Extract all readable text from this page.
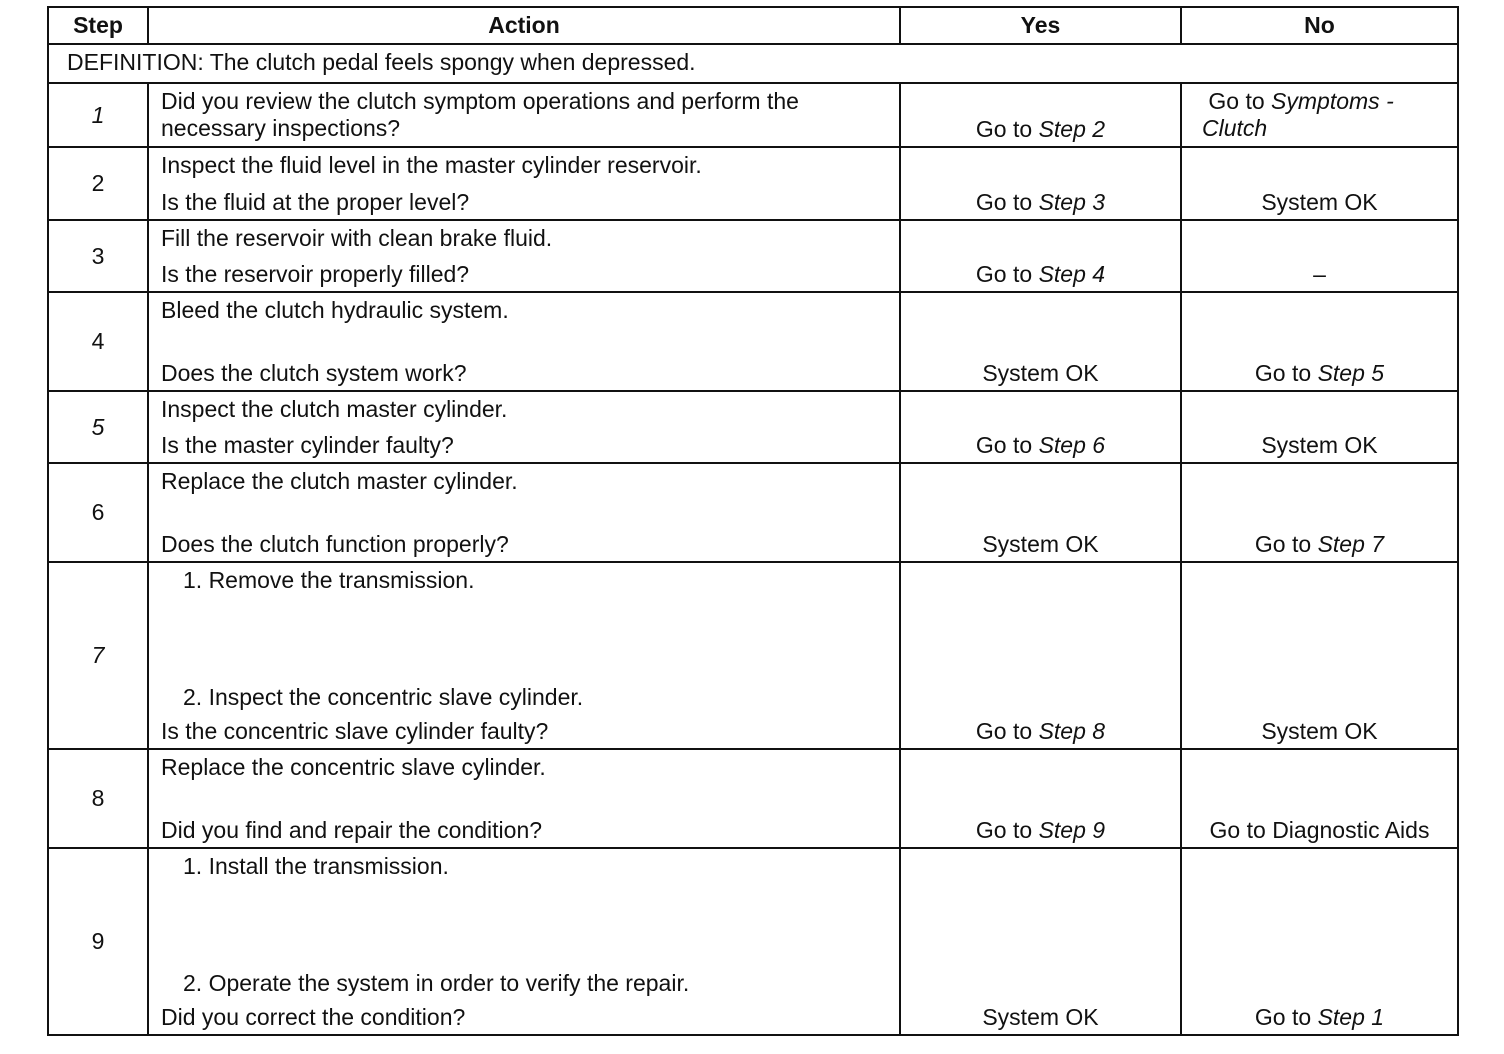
Step	Action	Yes	No
DEFINITION: The clutch pedal feels spongy when depressed.			
1	Did you review the clutch symptom operations and perform the
necessary inspections?	Go to Step 2	Go to Symptoms -
Clutch

2	Inspect the fluid level in the master cylinder reservoir.
Is the fluid at the proper level?	Go to Step 3	System OK

3	Fill the reservoir with clean brake fluid.
Is the reservoir properly filled?	Go to Step 4	–

4	Bleed the clutch hydraulic system.
Does the clutch system work?	System OK	Go to Step 5

5	Inspect the clutch master cylinder.
Is the master cylinder faulty?	Go to Step 6	System OK

6	Replace the clutch master cylinder.
Does the clutch function properly?	System OK	Go to Step 7

7	1. Remove the transmission.
2. Inspect the concentric slave cylinder.
Is the concentric slave cylinder faulty?	Go to Step 8	System OK

8	Replace the concentric slave cylinder.
Did you find and repair the condition?	Go to Step 9	Go to Diagnostic Aids

9	1. Install the transmission.
2. Operate the system in order to verify the repair.
Did you correct the condition?	System OK	Go to Step 1
